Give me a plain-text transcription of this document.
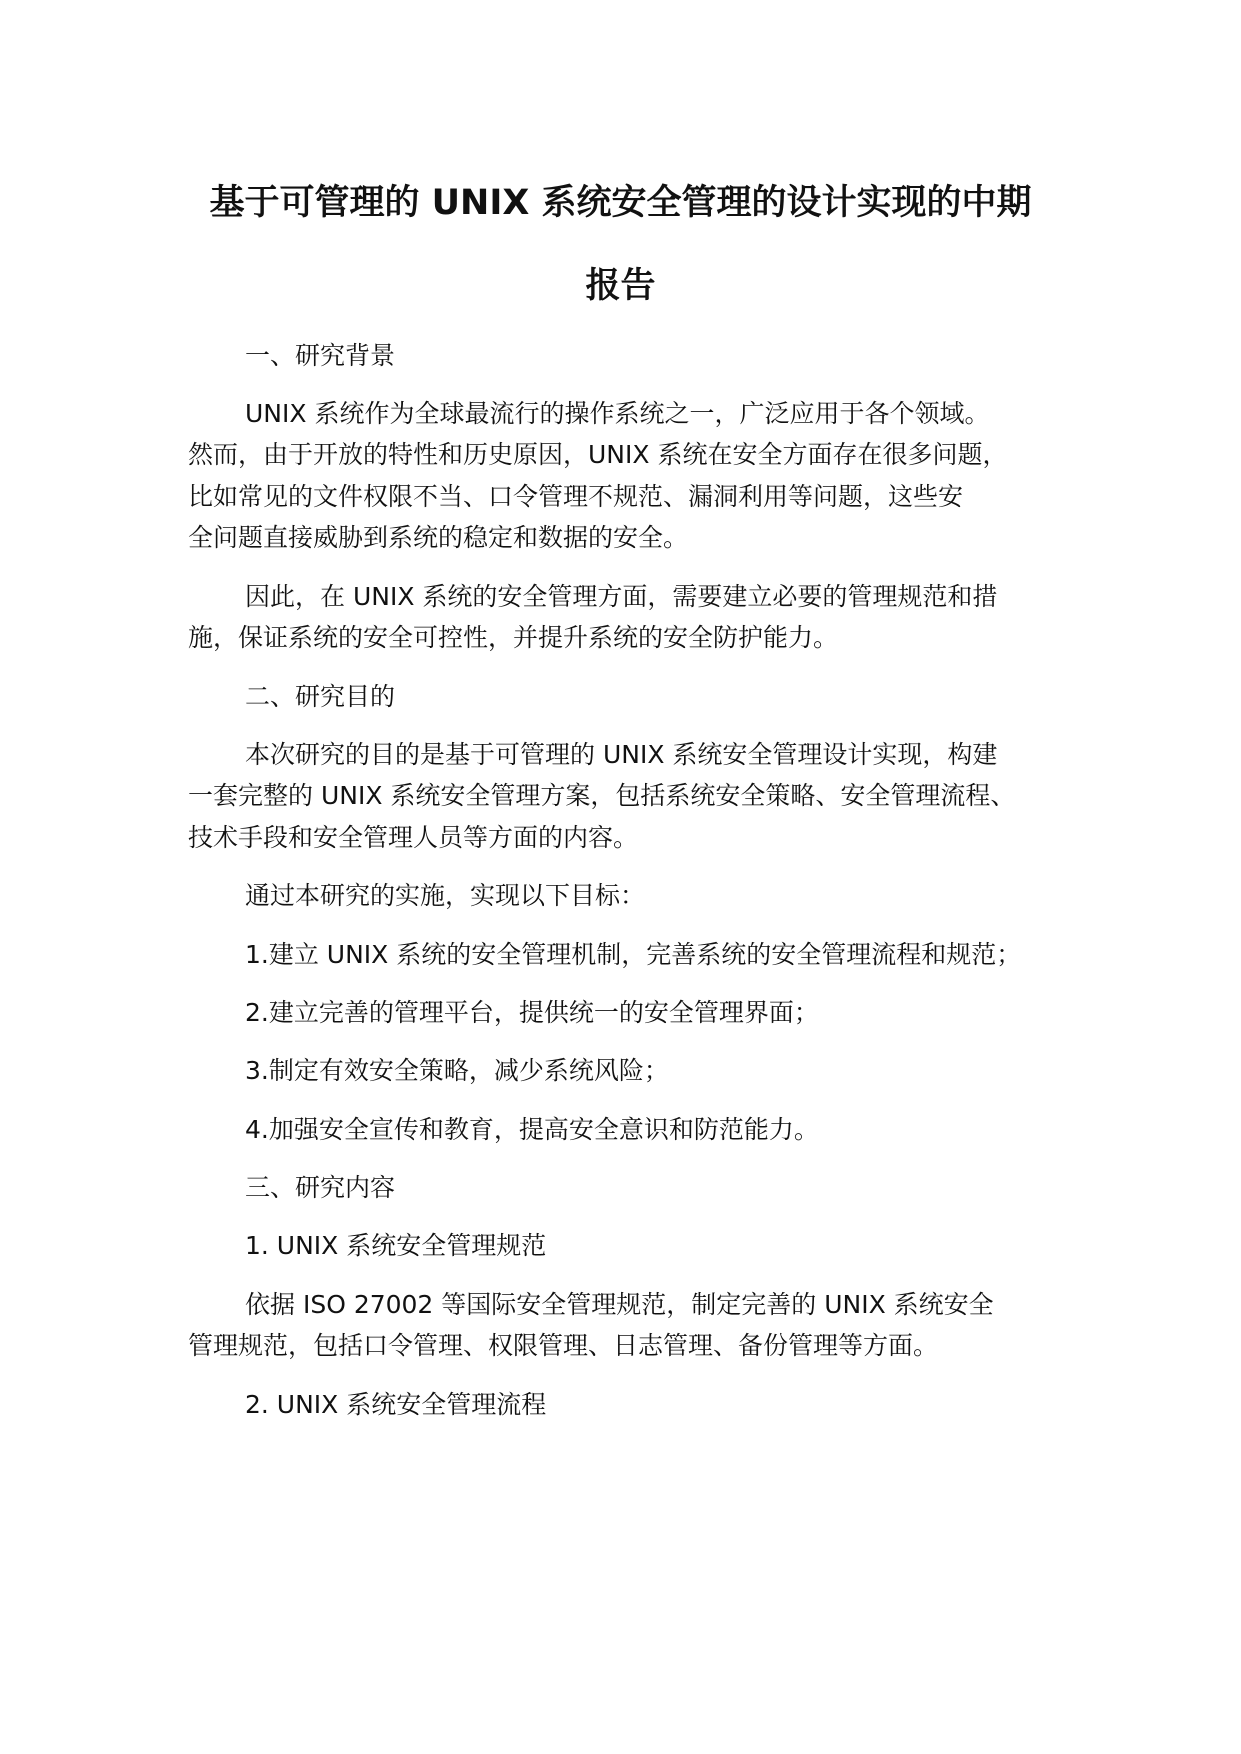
基于可管理的 UNIX 系统安全管理的设计实现的中期
报告
一、研究背景
UNIX 系统作为全球最流行的操作系统之一，广泛应用于各个领域。
然而，由于开放的特性和历史原因，UNIX 系统在安全方面存在很多问题，
比如常见的文件权限不当、口令管理不规范、漏洞利用等问题，这些安
全问题直接威胁到系统的稳定和数据的安全。
因此，在 UNIX 系统的安全管理方面，需要建立必要的管理规范和措
施，保证系统的安全可控性，并提升系统的安全防护能力。
二、研究目的
本次研究的目的是基于可管理的 UNIX 系统安全管理设计实现，构建
一套完整的 UNIX 系统安全管理方案，包括系统安全策略、安全管理流程、
技术手段和安全管理人员等方面的内容。
通过本研究的实施，实现以下目标：
1.建立 UNIX 系统的安全管理机制，完善系统的安全管理流程和规范；
2.建立完善的管理平台，提供统一的安全管理界面；
3.制定有效安全策略，减少系统风险；
4.加强安全宣传和教育，提高安全意识和防范能力。
三、研究内容
1. UNIX 系统安全管理规范
依据 ISO 27002 等国际安全管理规范，制定完善的 UNIX 系统安全
管理规范，包括口令管理、权限管理、日志管理、备份管理等方面。
2. UNIX 系统安全管理流程
